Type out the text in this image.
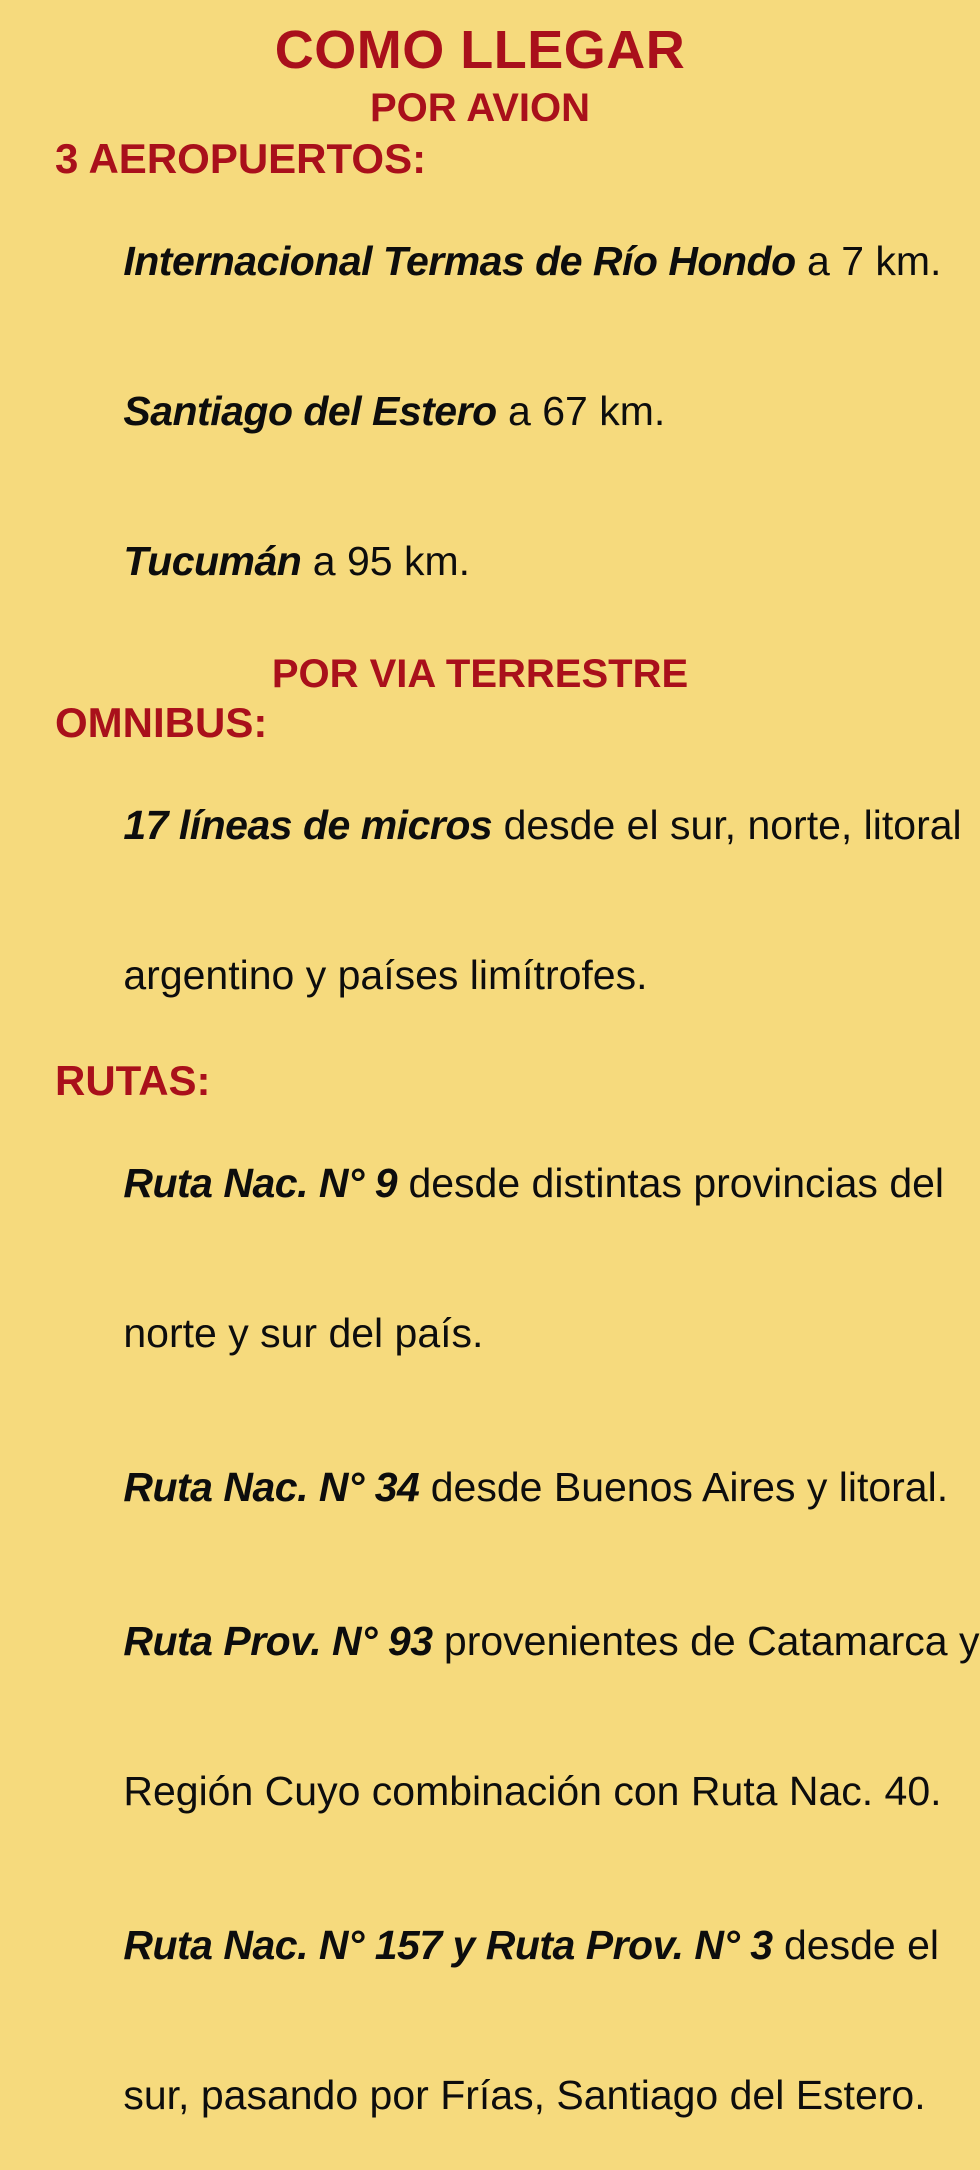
COMO LLEGAR
POR AVION
3 AEROPUERTOS:

Internacional Termas de Río Hondo a 7 km.

Santiago del Estero a 67 km.

Tucumán a 95 km.

POR VIA TERRESTRE
OMNIBUS:

17 líneas de micros desde el sur, norte, litoral

argentino y países limítrofes.

RUTAS:

Ruta Nac. N° 9 desde distintas provincias del

norte y sur del país.

Ruta Nac. N° 34 desde Buenos Aires y litoral.

Ruta Prov. N° 93 provenientes de Catamarca y

Región Cuyo combinación con Ruta Nac. 40.

Ruta Nac. N° 157 y Ruta Prov. N° 3 desde el

sur, pasando por Frías, Santiago del Estero.
